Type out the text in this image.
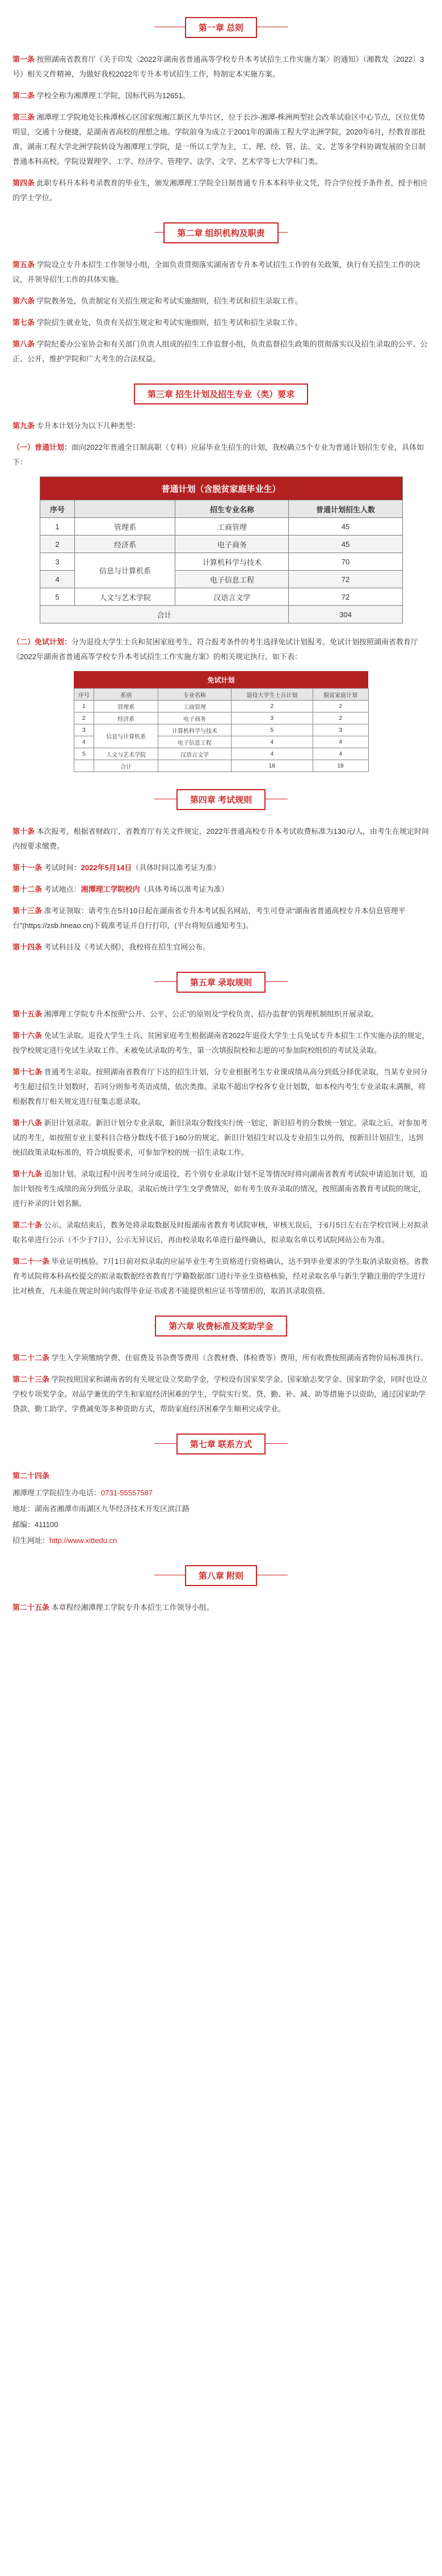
第一章 总则

第一条 按照湖南省教育厅《关于印发〈2022年湖南省普通高等学校专升本考试招生工作实施方案〉的通知》（湘教发〔2022〕3号）相关文件精神，为做好我校2022年专升本考试招生工作，特制定本实施方案。

第二条 学校全称为湘潭理工学院，国标代码为12651。

第三条 湘潭理工学院地处长株潭核心区国家级湘江新区九华片区，位于长沙-湘潭-株洲两型社会改革试验区中心节点，区位优势明显，交通十分便捷，是湖南省高校的理想之地。学院前身为成立于2001年的湖南工程大学北洲学院，2020年6月，经教育部批准，湖南工程大学北洲学院转设为湘潭理工学院，是一所以工学为主，工、理、经、管、法、文、艺等多学科协调发展的全日制普通本科高校。学院设置理学、工学、经济学、管理学、法学、文学、艺术学等七大学科门类。

第四条 此职专科升本科考录教育的毕业生，颁发湘潭理工学院全日制普通专升本本科毕业文凭，符合学位授予条件者，授予相应的学士学位。

第二章 组织机构及职责

第五条 学院设立专升本招生工作领导小组，全面负责贯彻落实湖南省专升本考试招生工作的有关政策，执行有关招生工作的决议，并领导招生工作的具体实施。

第六条 学院教务处，负责制定有关招生规定和考试实施细则，招生考试和招生录取工作。

第七条 学院招生就业处，负责有关招生规定和考试实施细则，招生考试和招生录取工作。

第八条 学院纪委办公室协会和有关部门负责人组成的招生工作监督小组，负责监督招生政策的贯彻落实以及招生录取的公平、公正、公开，维护学院和广大考生的合法权益。

第三章 招生计划及招生专业（类）要求

第九条 专升本计划分为以下几种类型：

（一）普通计划：面向2022年普通全日制高职（专科）应届毕业生招生的计划，我校确立5个专业为普通计划招生专业，具体如下：

普通计划（含脱贫家庭毕业生）			
序号		招生专业名称	普通计划招生人数
1	管理系	工商管理	45
2	经济系	电子商务	45
3	信息与计算机系	计算机科学与技术	70
4		电子信息工程	72
5	人文与艺术学院	汉语言文学	72
合计			304

（二）免试计划：分为退役大学生士兵和贫困家庭考生，符合报考条件的考生选择免试计划报考。免试计划按照湖南省教育厅《2022年湖南省普通高等学校专升本考试招生工作实施方案》的相关规定执行，如下表：

免试计划				
序号	系别	专业名称	退役大学生士兵计划	脱贫家庭计划
1	管理系	工商管理	2	2
2	经济系	电子商务	3	2
3	信息与计算机系	计算机科学与技术	5	3
4		电子信息工程	4	4
5	人文与艺术学院	汉语言文学	4	4
	合计		18	18
第四章 考试规则

第十条 本次报考，根据省财政厅、省教育厅有关文件规定，2022年普通高校专升本考试收费标准为130元/人，由考生在规定时间内按要求缴费。

第十一条 考试时间：2022年5月14日（具体时间以准考证为准）

第十二条 考试地点：湘潭理工学院校内（具体考场以准考证为准）

第十三条 准考证领取：请考生在5月10日起在湖南省专升本考试报名网站，考生可登录“湖南省普通高校专升本信息管理平台”(https://zsb.hneao.cn)下载准考证并自行打印，(平台将短信通知考生)。

第十四条 考试科目及《考试大纲》，我校将在招生官网公布。

第五章 录取规则

第十五条 湘潭理工学院专升本按照“公开、公平、公正”的原则及“学校负责、招办监督”的管理机制组织开展录取。

第十六条 免试生录取。退役大学生士兵、贫困家庭考生根据湖南省2022年退役大学生士兵免试专升本招生工作实施办法的规定，按学校规定进行免试生录取工作。未被免试录取的考生，第一次填报院校和志愿的可参加院校组织的考试及录取。

第十七条 普通考生录取。按照湖南省教育厅下达的招生计划，分专业根据考生专业课成绩从高分到低分择优录取，当某专业同分考生超过招生计划数时，若同分则参考英语成绩，依次类推。录取不超出学校各专业计划数，如本校内考生专业录取未满额，将根据教育厅相关规定进行征集志愿录取。

第十八条 新旧计划录取。新旧计划分专业录取，新旧录取分数线实行统一划定，新旧招考的分数统一划定。录取之后，对参加考试的考生，如按照专业主要科目合格分数线不低于160分的规定。新旧计划招生时以及专业招生以外的，按新旧计划招生，达到统招政策录取标准的，符合填报要求，可参加学校的统一招生录取工作。

第十九条 追加计划。录取过程中因考生同分或退役，若个别专业录取计划不足等情况时将向湖南省教育考试院申请追加计划，追加计划按考生成绩的高分到低分录取。录取后统计学生交学费情况，如有考生放弃录取的情况，按照湖南省教育考试院的规定，进行补录的计划名额。

第二十条 公示。录取结束后，教务处将录取数据及时报湖南省教育考试院审核，审核无误后，于6月5日左右在学校官网上对拟录取名单进行公示（不少于7日），公示无异议后，再由校录取名单进行最终确认，拟录取名单以考试院网站公布为准。

第二十一条 毕业证明核验。7月1日前对拟录取的应届毕业生考生资格进行资格确认，达不到毕业要求的学生取消录取资格。省教育考试院将本科高校提交的拟录取数据经省教育厅学籍数据部门进行毕业生资格核验，经对录取名单与新生学籍注册的学生进行比对核查，凡未能在规定时间内取得毕业证书或者不能提供相应证书等情形的，取消其录取资格。

第六章 收费标准及奖助学金

第二十二条 学生入学须缴纳学费、住宿费及书杂费等费用（含教材费、体检费等）费用，所有收费按照湖南省物价局标准执行。

第二十三条 学院按照国家和湖南省的有关规定设立奖助学金，学校设有国家奖学金、国家励志奖学金、国家助学金，同时也设立学校专项奖学金。对品学兼优的学生和家庭经济困难的学生，学院实行奖、贷、勤、补、减、助等措施予以资助，通过国家助学贷款、勤工助学、学费减免等多种资助方式，帮助家庭经济困难学生顺利完成学业。

第七章 联系方式

第二十四条

湘潭理工学院招生办电话：0731-55557587

地址：湖南省湘潭市雨湖区九华经济技术开发区滨江路

邮编：411100

招生网址：http://www.xittedu.cn

第八章 附则

第二十五条 本章程经湘潭理工学院专升本招生工作领导小组。
